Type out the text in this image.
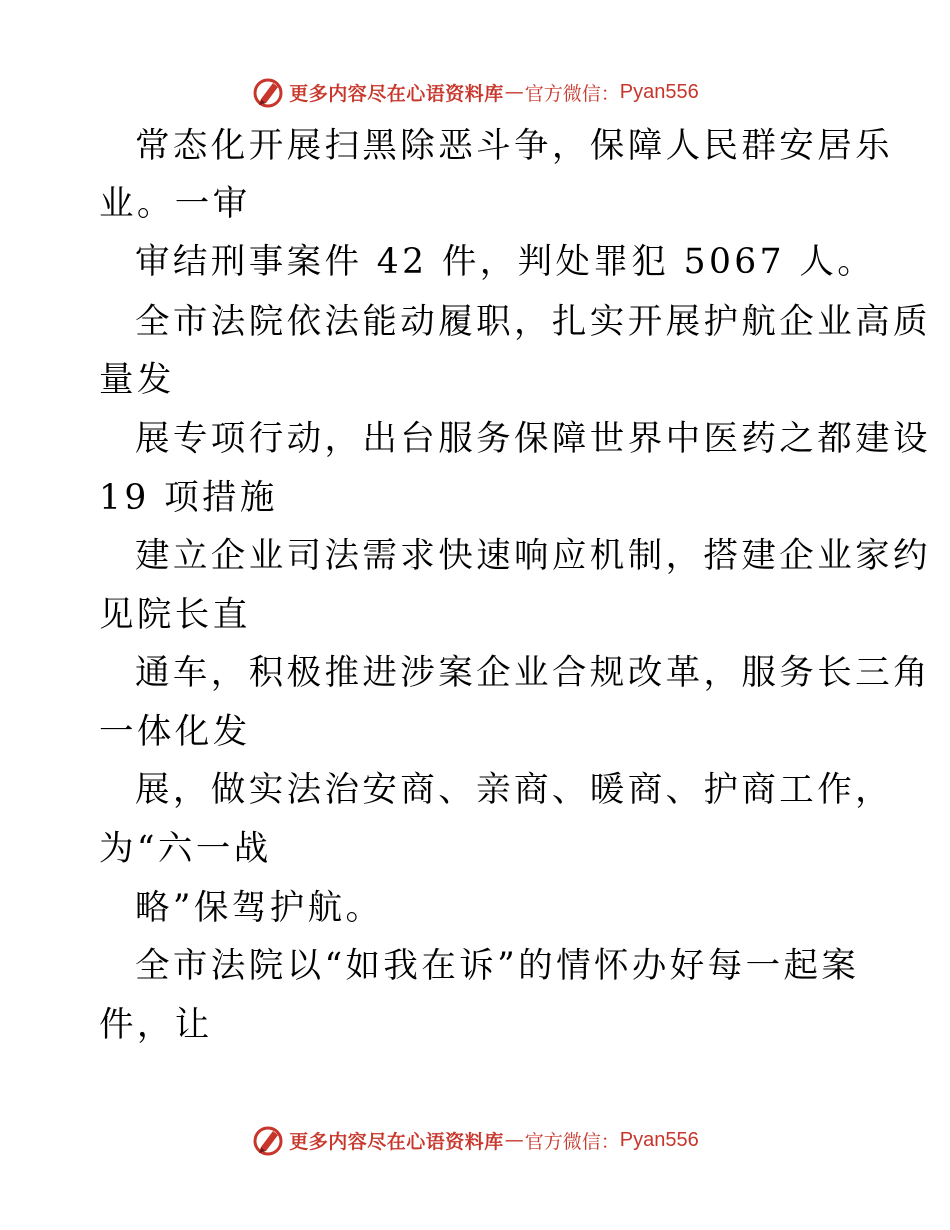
更多内容尽在心语资料库 — 官方微信： Pyan556
常态化开展扫黑除恶斗争，保障人民群安居乐
业。一审
审结刑事案件 42 件，判处罪犯 5067 人。
全市法院依法能动履职，扎实开展护航企业高质
量发
展专项行动，出台服务保障世界中医药之都建设
19 项措施
建立企业司法需求快速响应机制，搭建企业家约
见院长直
通车，积极推进涉案企业合规改革，服务长三角
一体化发
展，做实法治安商、亲商、暖商、护商工作，
为“六一战
略”保驾护航。
全市法院以“如我在诉”的情怀办好每一起案
件，让
更多内容尽在心语资料库 — 官方微信： Pyan556
